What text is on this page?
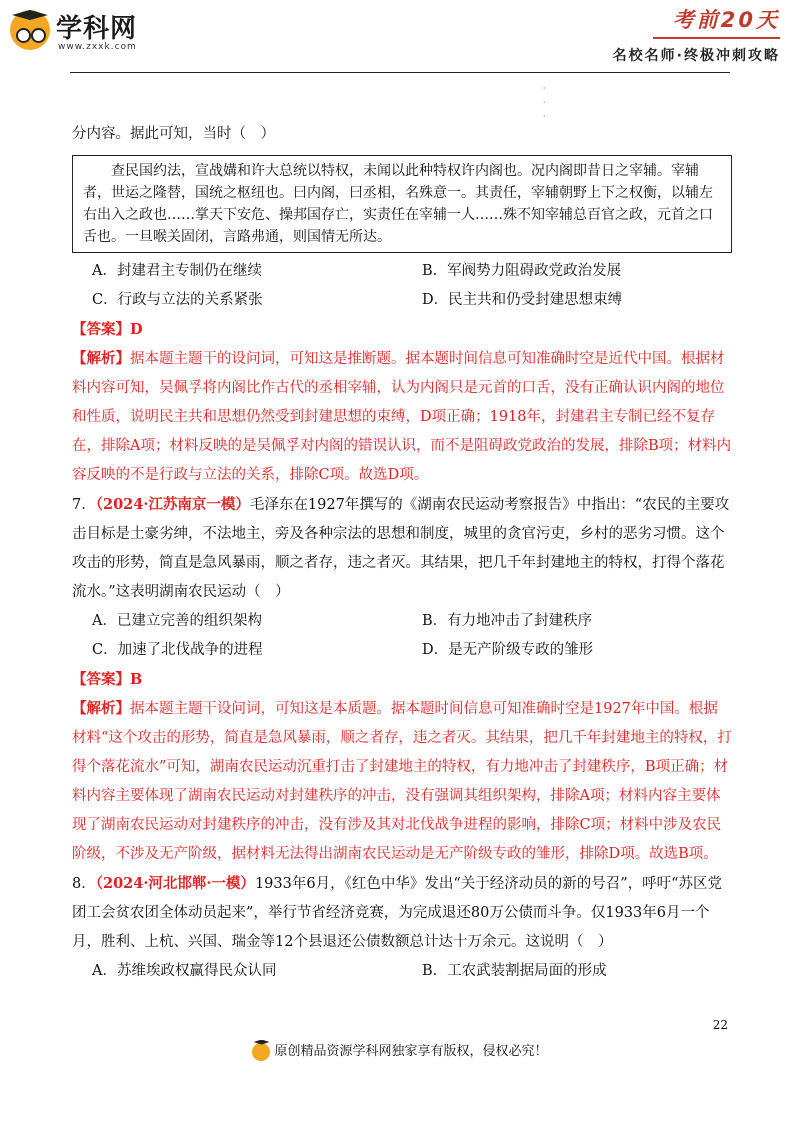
学科网
www.zxxk.com
考前20天
名校名师·终极冲刺攻略
·
·
·

分内容。据此可知，当时（　）

查民国约法，宣战媾和许大总统以特权，未闻以此种特权许内阁也。况内阁即昔日之宰辅。宰辅者，世运之隆替，国统之枢纽也。曰内阁，曰丞相，名殊意一。其责任，宰辅朝野上下之权衡，以辅左右出入之政也……掌天下安危、操邦国存亡，实责任在宰辅一人……殊不知宰辅总百官之政，元首之口舌也。一旦喉关固闭，言路弗通，则国情无所达。
A．封建君主专制仍在继续	B．军阀势力阻碍政党政治发展
C．行政与立法的关系紧张	D．民主共和仍受封建思想束缚

【答案】D

【解析】据本题主题干的设问词，可知这是推断题。据本题时间信息可知准确时空是近代中国。根据材料内容可知，吴佩孚将内阁比作古代的丞相宰辅，认为内阁只是元首的口舌，没有正确认识内阁的地位和性质，说明民主共和思想仍然受到封建思想的束缚，D项正确；1918年，封建君主专制已经不复存在，排除A项；材料反映的是吴佩孚对内阁的错误认识，而不是阻碍政党政治的发展，排除B项；材料内容反映的不是行政与立法的关系，排除C项。故选D项。

7．（2024·江苏南京一模）毛泽东在1927年撰写的《湖南农民运动考察报告》中指出：“农民的主要攻击目标是土豪劣绅，不法地主，旁及各种宗法的思想和制度，城里的贪官污吏，乡村的恶劣习惯。这个攻击的形势，简直是急风暴雨，顺之者存，违之者灭。其结果，把几千年封建地主的特权，打得个落花流水。”这表明湖南农民运动（　）

A．已建立完善的组织架构	B．有力地冲击了封建秩序
C．加速了北伐战争的进程	D．是无产阶级专政的雏形

【答案】B

【解析】据本题主题干设问词，可知这是本质题。据本题时间信息可知准确时空是1927年中国。根据材料“这个攻击的形势，简直是急风暴雨，顺之者存，违之者灭。其结果，把几千年封建地主的特权，打得个落花流水”可知，湖南农民运动沉重打击了封建地主的特权，有力地冲击了封建秩序，B项正确；材料内容主要体现了湖南农民运动对封建秩序的冲击，没有强调其组织架构，排除A项；材料内容主要体现了湖南农民运动对封建秩序的冲击，没有涉及其对北伐战争进程的影响，排除C项；材料中涉及农民阶级，不涉及无产阶级，据材料无法得出湖南农民运动是无产阶级专政的雏形，排除D项。故选B项。

8．（2024·河北邯郸·一模）1933年6月，《红色中华》发出“关于经济动员的新的号召”，呼吁“苏区党团工会贫农团全体动员起来”，举行节省经济竞赛，为完成退还80万公债而斗争。仅1933年6月一个月，胜利、上杭、兴国、瑞金等12个县退还公债数额总计达十万余元。这说明（　）

A．苏维埃政权赢得民众认同	B．工农武装割据局面的形成
22
原创精品资源学科网独家享有版权，侵权必究！
